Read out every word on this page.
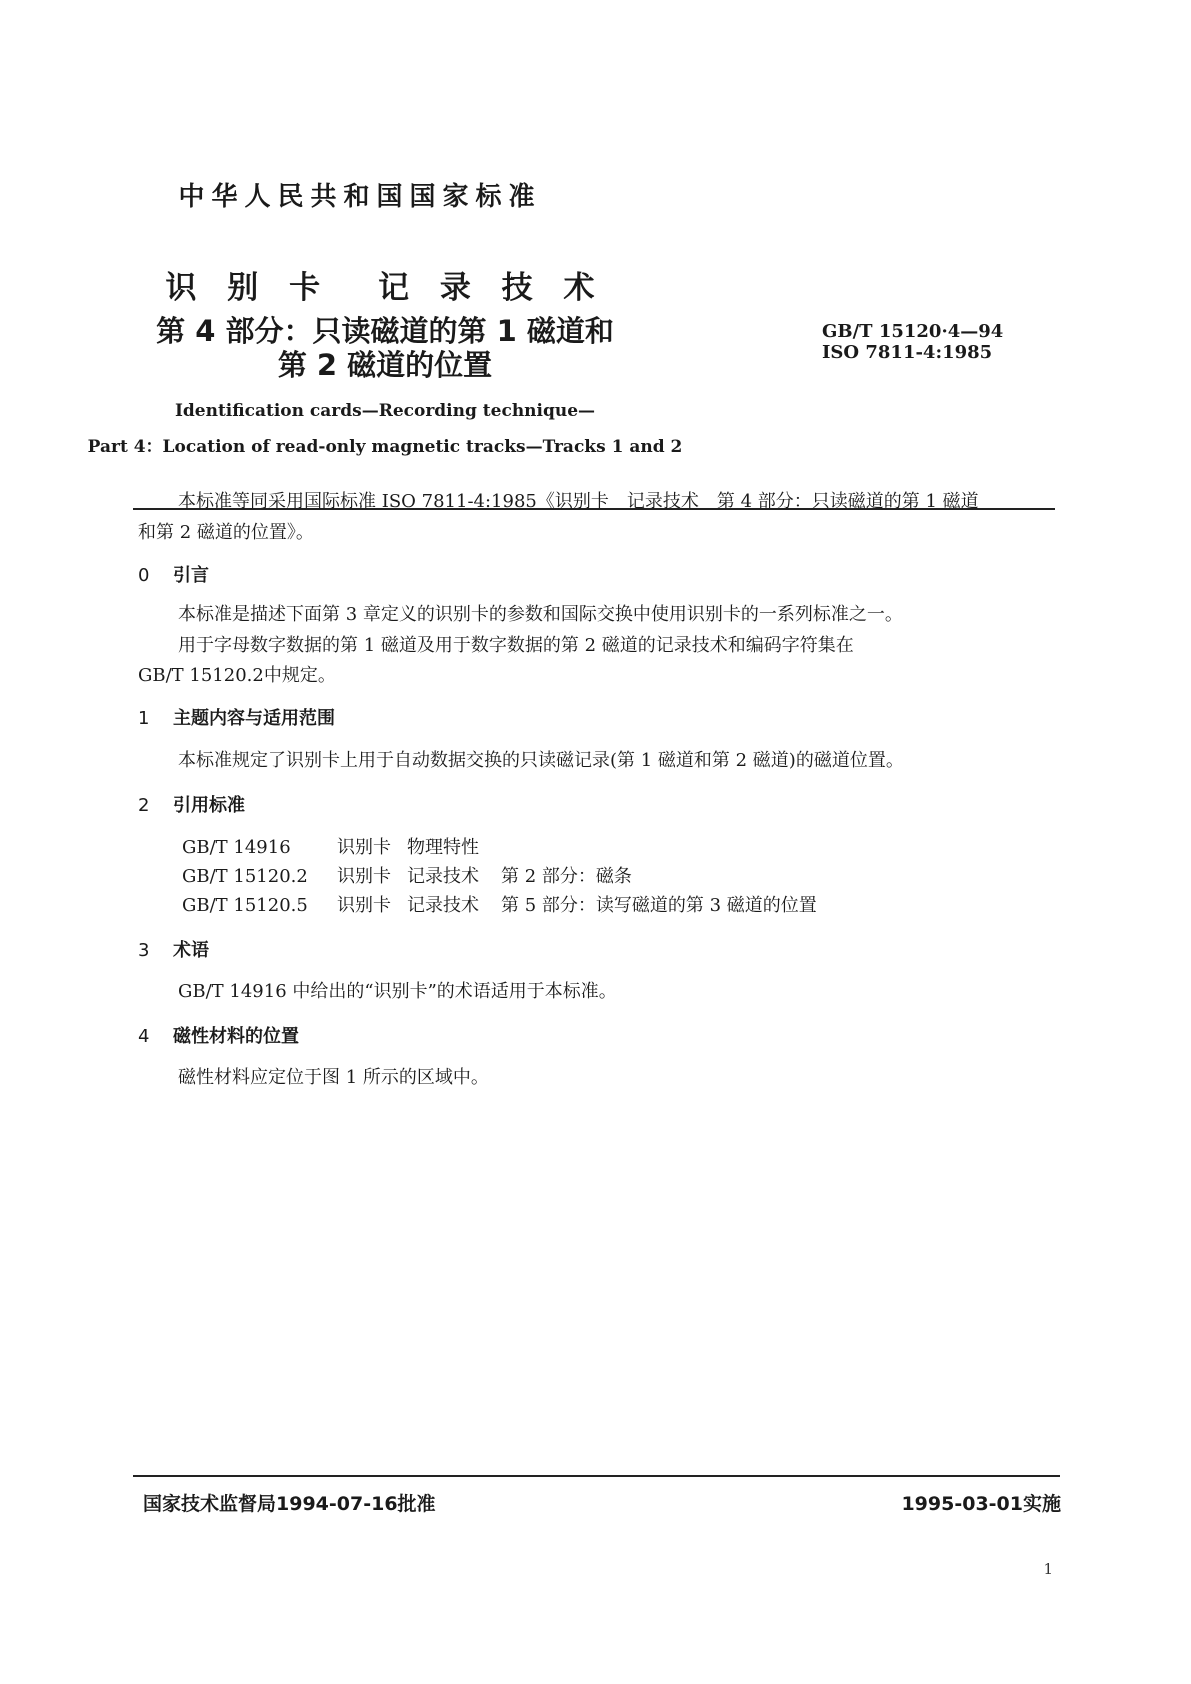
中华人民共和国国家标准
识 别 卡 记 录 技 术
第 4 部分：只读磁道的第 1 磁道和
第 2 磁道的位置
GB/T 15120·4—94
ISO 7811-4:1985
Identification cards—Recording technique—
Part 4：Location of read-only magnetic tracks—Tracks 1 and 2
本标准等同采用国际标准 ISO 7811-4:1985《识别卡　记录技术　第 4 部分：只读磁道的第 1 磁道
和第 2 磁道的位置》。
0 引言
本标准是描述下面第 3 章定义的识别卡的参数和国际交换中使用识别卡的一系列标准之一。
用于字母数字数据的第 1 磁道及用于数字数据的第 2 磁道的记录技术和编码字符集在
GB/T 15120.2中规定。
1 主题内容与适用范围
本标准规定了识别卡上用于自动数据交换的只读磁记录(第 1 磁道和第 2 磁道)的磁道位置。
2 引用标准
GB/T 14916	识别卡 物理特性
GB/T 15120.2 识别卡 记录技术 第 2 部分：磁条
GB/T 15120.5 识别卡 记录技术 第 5 部分：读写磁道的第 3 磁道的位置
3 术语
GB/T 14916 中给出的“识别卡”的术语适用于本标准。
4 磁性材料的位置
磁性材料应定位于图 1 所示的区域中。
国家技术监督局1994-07-16批准	1995-03-01实施
1
